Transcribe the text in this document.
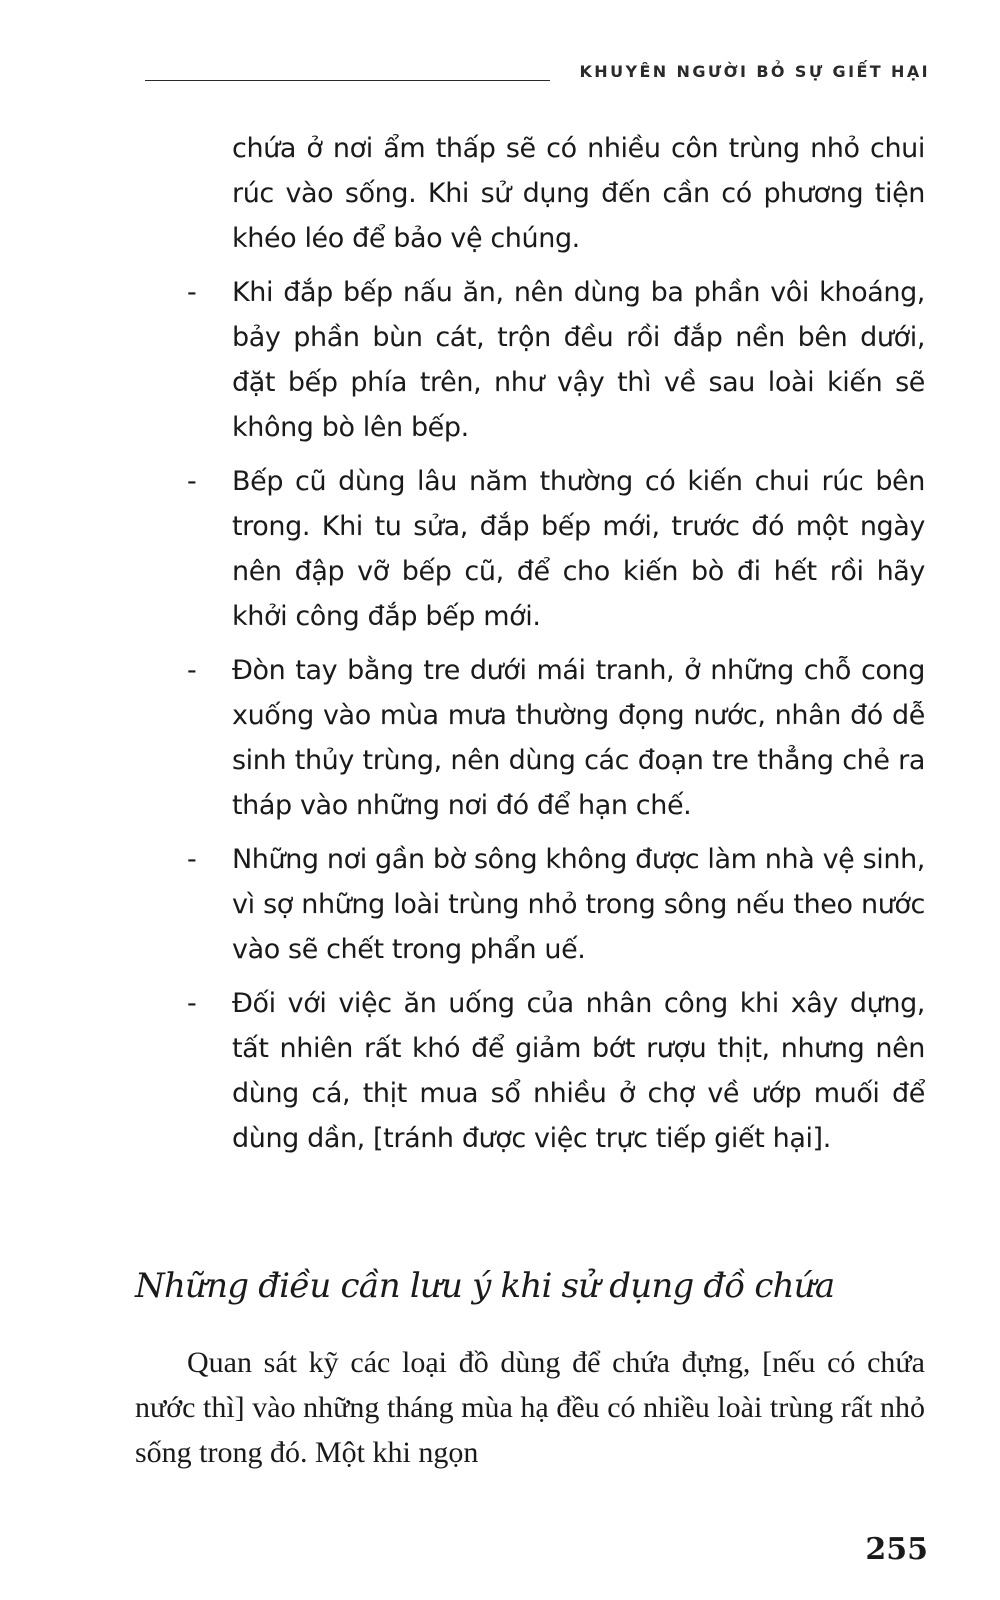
KHUYÊN NGƯỜI BỎ SỰ GIẾT HẠI

chứa ở nơi ẩm thấp sẽ có nhiều côn trùng nhỏ chui rúc vào sống. Khi sử dụng đến cần có phương tiện khéo léo để bảo vệ chúng.

- Khi đắp bếp nấu ăn, nên dùng ba phần vôi khoáng, bảy phần bùn cát, trộn đều rồi đắp nền bên dưới, đặt bếp phía trên, như vậy thì về sau loài kiến sẽ không bò lên bếp.
- Bếp cũ dùng lâu năm thường có kiến chui rúc bên trong. Khi tu sửa, đắp bếp mới, trước đó một ngày nên đập vỡ bếp cũ, để cho kiến bò đi hết rồi hãy khởi công đắp bếp mới.
- Đòn tay bằng tre dưới mái tranh, ở những chỗ cong xuống vào mùa mưa thường đọng nước, nhân đó dễ sinh thủy trùng, nên dùng các đoạn tre thẳng chẻ ra tháp vào những nơi đó để hạn chế.
- Những nơi gần bờ sông không được làm nhà vệ sinh, vì sợ những loài trùng nhỏ trong sông nếu theo nước vào sẽ chết trong phẩn uế.
- Đối với việc ăn uống của nhân công khi xây dựng, tất nhiên rất khó để giảm bớt rượu thịt, nhưng nên dùng cá, thịt mua sổ nhiều ở chợ về ướp muối để dùng dần, [tránh được việc trực tiếp giết hại].
Những điều cần lưu ý khi sử dụng đồ chứa

Quan sát kỹ các loại đồ dùng để chứa đựng, [nếu có chứa nước thì] vào những tháng mùa hạ đều có nhiều loài trùng rất nhỏ sống trong đó. Một khi ngọn

255
